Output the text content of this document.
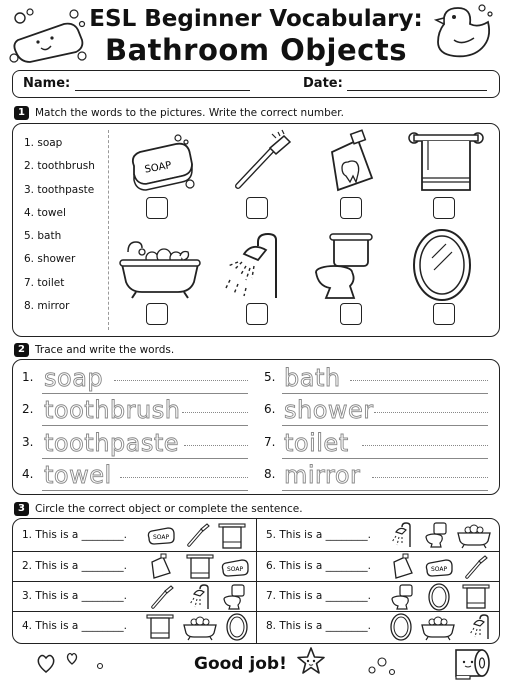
ESL Beginner Vocabulary:
Bathroom Objects
Name:	Date:
1 Match the words to the pictures. Write the correct number.
1. soap
2. toothbrush
3. toothpaste
4. towel
5. bath
6. shower
7. toilet
8. mirror
SOAP
2 Trace and write the words.
1. soap
2. toothbrush
3. toothpaste
4. towel
5. bath
6. shower
7. toilet
8. mirror
3 Circle the correct object or complete the sentence.
1. This is a ________.
2. This is a ________.
3. This is a ________.
4. This is a ________.
5. This is a ________.
6. This is a ________.
7. This is a ________.
8. This is a ________.
SOAP
SOAP	SOAP
Good job!
